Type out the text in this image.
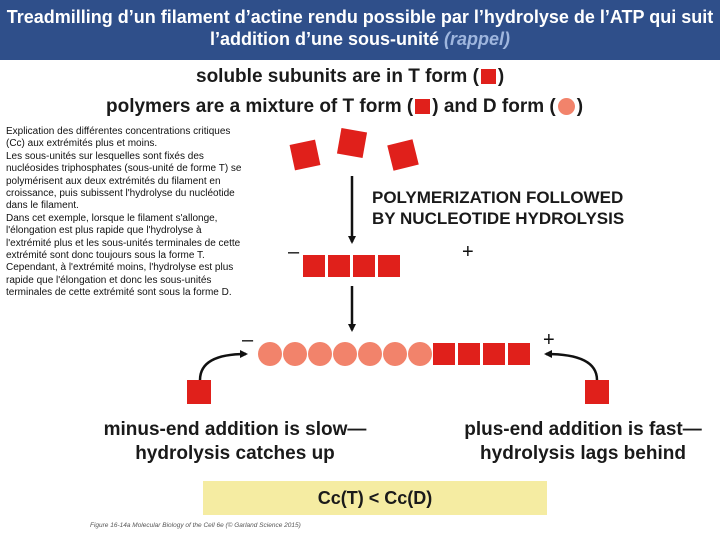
Treadmilling d’un filament d’actine rendu possible par l’hydrolyse de l’ATP qui suit l’addition d’une sous-unité (rappel)
soluble subunits are in T form ( )
polymers are a mixture of T form ( ) and D form ( )
Explication des différentes concentrations critiques (Cc) aux extrémités plus et moins.
Les sous-unités sur lesquelles sont fixés des nucléosides triphosphates (sous-unité de forme T) se polymérisent aux deux extrémités du filament en croissance, puis subissent l'hydrolyse du nucléotide dans le filament.
Dans cet exemple, lorsque le filament s'allonge, l'élongation est plus rapide que l'hydrolyse à l'extrémité plus et les sous-unités terminales de cette extrémité sont donc toujours sous la forme T.
Cependant, à l'extrémité moins, l'hydrolyse est plus rapide que l'élongation et donc les sous-unités terminales de cette extrémité sont sous la forme D.
–	+
–	+
POLYMERIZATION FOLLOWED
BY NUCLEOTIDE HYDROLYSIS
minus-end addition is slow—
hydrolysis catches up
plus-end addition is fast—
hydrolysis lags behind
Cc(T) < Cc(D)
Figure 16-14a Molecular Biology of the Cell 6e (© Garland Science 2015)
